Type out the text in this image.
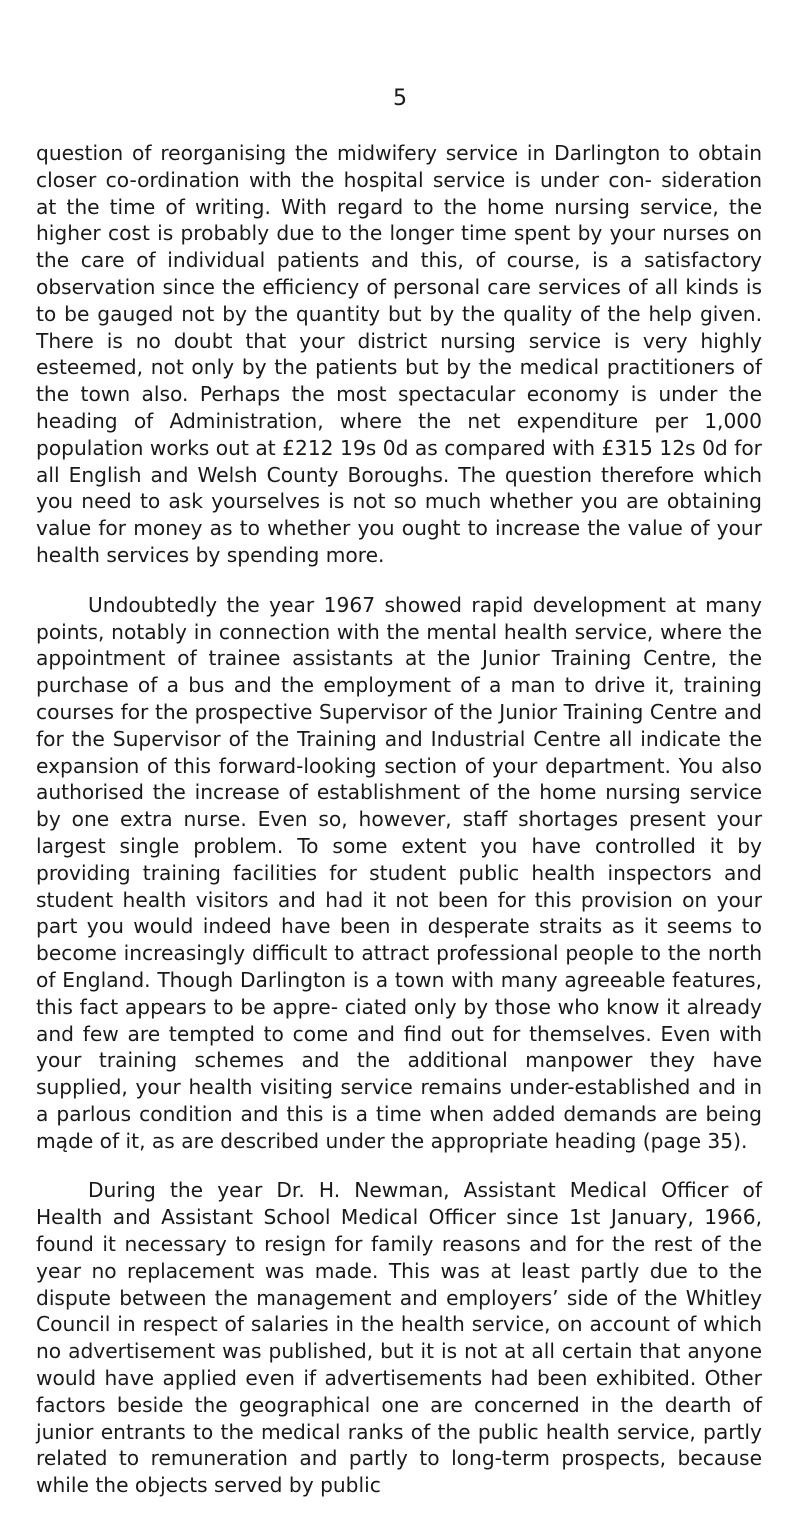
5

question of reorganising the midwifery service in Darlington to obtain closer co-ordination with the hospital service is under con- sideration at the time of writing. With regard to the home nursing service, the higher cost is probably due to the longer time spent by your nurses on the care of individual patients and this, of course, is a satisfactory observation since the efficiency of personal care services of all kinds is to be gauged not by the quantity but by the quality of the help given. There is no doubt that your district nursing service is very highly esteemed, not only by the patients but by the medical practitioners of the town also. Perhaps the most spectacular economy is under the heading of Administration, where the net expenditure per 1,000 population works out at £212 19s 0d as compared with £315 12s 0d for all English and Welsh County Boroughs. The question therefore which you need to ask yourselves is not so much whether you are obtaining value for money as to whether you ought to increase the value of your health services by spending more.

Undoubtedly the year 1967 showed rapid development at many points, notably in connection with the mental health service, where the appointment of trainee assistants at the Junior Training Centre, the purchase of a bus and the employment of a man to drive it, training courses for the prospective Supervisor of the Junior Training Centre and for the Supervisor of the Training and Industrial Centre all indicate the expansion of this forward-looking section of your department. You also authorised the increase of establishment of the home nursing service by one extra nurse. Even so, however, staff shortages present your largest single problem. To some extent you have controlled it by providing training facilities for student public health inspectors and student health visitors and had it not been for this provision on your part you would indeed have been in desperate straits as it seems to become increasingly difficult to attract professional people to the north of England. Though Darlington is a town with many agreeable features, this fact appears to be appre- ciated only by those who know it already and few are tempted to come and find out for themselves. Even with your training schemes and the additional manpower they have supplied, your health visiting service remains under-established and in a parlous condition and this is a time when added demands are being mąde of it, as are described under the appropriate heading (page 35).

During the year Dr. H. Newman, Assistant Medical Officer of Health and Assistant School Medical Officer since 1st January, 1966, found it necessary to resign for family reasons and for the rest of the year no replacement was made. This was at least partly due to the dispute between the management and employers’ side of the Whitley Council in respect of salaries in the health service, on account of which no advertisement was published, but it is not at all certain that anyone would have applied even if advertisements had been exhibited. Other factors beside the geographical one are concerned in the dearth of junior entrants to the medical ranks of the public health service, partly related to remuneration and partly to long-term prospects, because while the objects served by public
